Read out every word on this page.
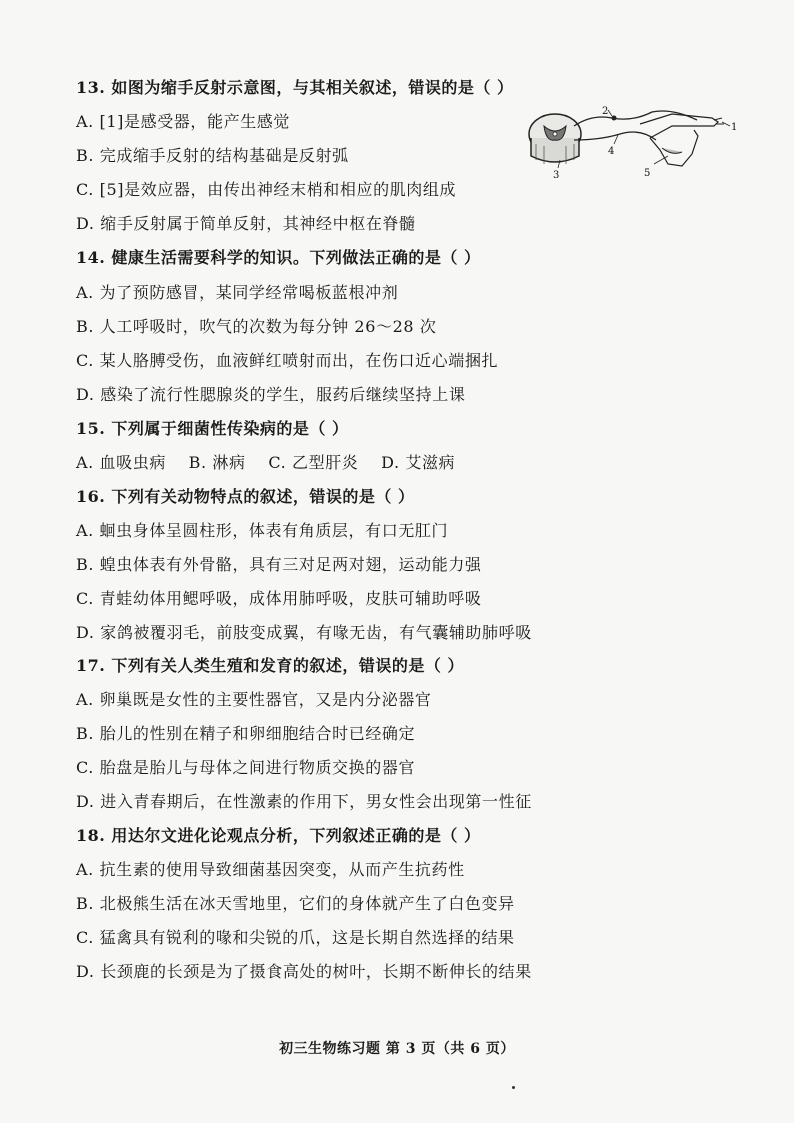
13. 如图为缩手反射示意图，与其相关叙述，错误的是（ ）
A. [1]是感受器，能产生感觉
B. 完成缩手反射的结构基础是反射弧
C. [5]是效应器，由传出神经末梢和相应的肌肉组成
D. 缩手反射属于简单反射，其神经中枢在脊髓
14. 健康生活需要科学的知识。下列做法正确的是（ ）
A. 为了预防感冒，某同学经常喝板蓝根冲剂
B. 人工呼吸时，吹气的次数为每分钟 26～28 次
C. 某人胳膊受伤，血液鲜红喷射而出，在伤口近心端捆扎
D. 感染了流行性腮腺炎的学生，服药后继续坚持上课
15. 下列属于细菌性传染病的是（ ）
A. 血吸虫病    B. 淋病    C. 乙型肝炎    D. 艾滋病
16. 下列有关动物特点的叙述，错误的是（ ）
A. 蛔虫身体呈圆柱形，体表有角质层，有口无肛门
B. 蝗虫体表有外骨骼，具有三对足两对翅，运动能力强
C. 青蛙幼体用鳃呼吸，成体用肺呼吸，皮肤可辅助呼吸
D. 家鸽被覆羽毛，前肢变成翼，有喙无齿，有气囊辅助肺呼吸
17. 下列有关人类生殖和发育的叙述，错误的是（ ）
A. 卵巢既是女性的主要性器官，又是内分泌器官
B. 胎儿的性别在精子和卵细胞结合时已经确定
C. 胎盘是胎儿与母体之间进行物质交换的器官
D. 进入青春期后，在性激素的作用下，男女性会出现第一性征
18. 用达尔文进化论观点分析，下列叙述正确的是（ ）
A. 抗生素的使用导致细菌基因突变，从而产生抗药性
B. 北极熊生活在冰天雪地里，它们的身体就产生了白色变异
C. 猛禽具有锐利的喙和尖锐的爪，这是长期自然选择的结果
D. 长颈鹿的长颈是为了摄食高处的树叶，长期不断伸长的结果
1
2
3
4
5
初三生物练习题 第 3 页（共 6 页）
